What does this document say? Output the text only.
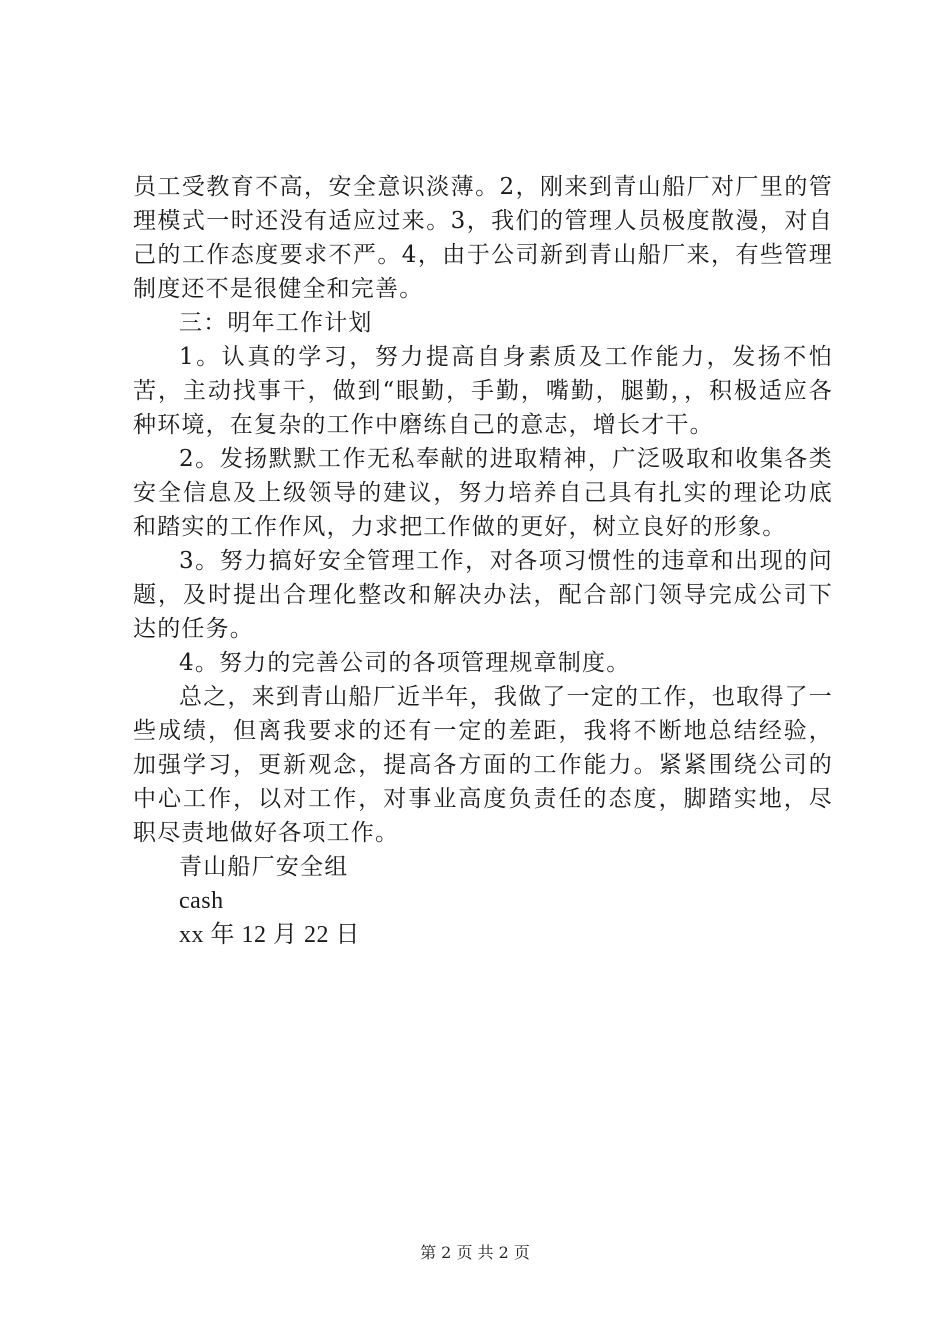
员工受教育不高，安全意识淡薄。2，刚来到青山船厂对厂里的管理模式一时还没有适应过来。3，我们的管理人员极度散漫，对自己的工作态度要求不严。4，由于公司新到青山船厂来，有些管理制度还不是很健全和完善。

三：明年工作计划

1。认真的学习，努力提高自身素质及工作能力，发扬不怕苦，主动找事干，做到“眼勤，手勤，嘴勤，腿勤，，积极适应各种环境，在复杂的工作中磨练自己的意志，增长才干。

2。发扬默默工作无私奉献的进取精神，广泛吸取和收集各类安全信息及上级领导的建议，努力培养自己具有扎实的理论功底和踏实的工作作风，力求把工作做的更好，树立良好的形象。

3。努力搞好安全管理工作，对各项习惯性的违章和出现的问题，及时提出合理化整改和解决办法，配合部门领导完成公司下达的任务。

4。努力的完善公司的各项管理规章制度。

总之，来到青山船厂近半年，我做了一定的工作，也取得了一些成绩，但离我要求的还有一定的差距，我将不断地总结经验，加强学习，更新观念，提高各方面的工作能力。紧紧围绕公司的中心工作，以对工作，对事业高度负责任的态度，脚踏实地，尽职尽责地做好各项工作。

青山船厂安全组

cash

xx 年 12 月 22 日

第 2 页 共 2 页
